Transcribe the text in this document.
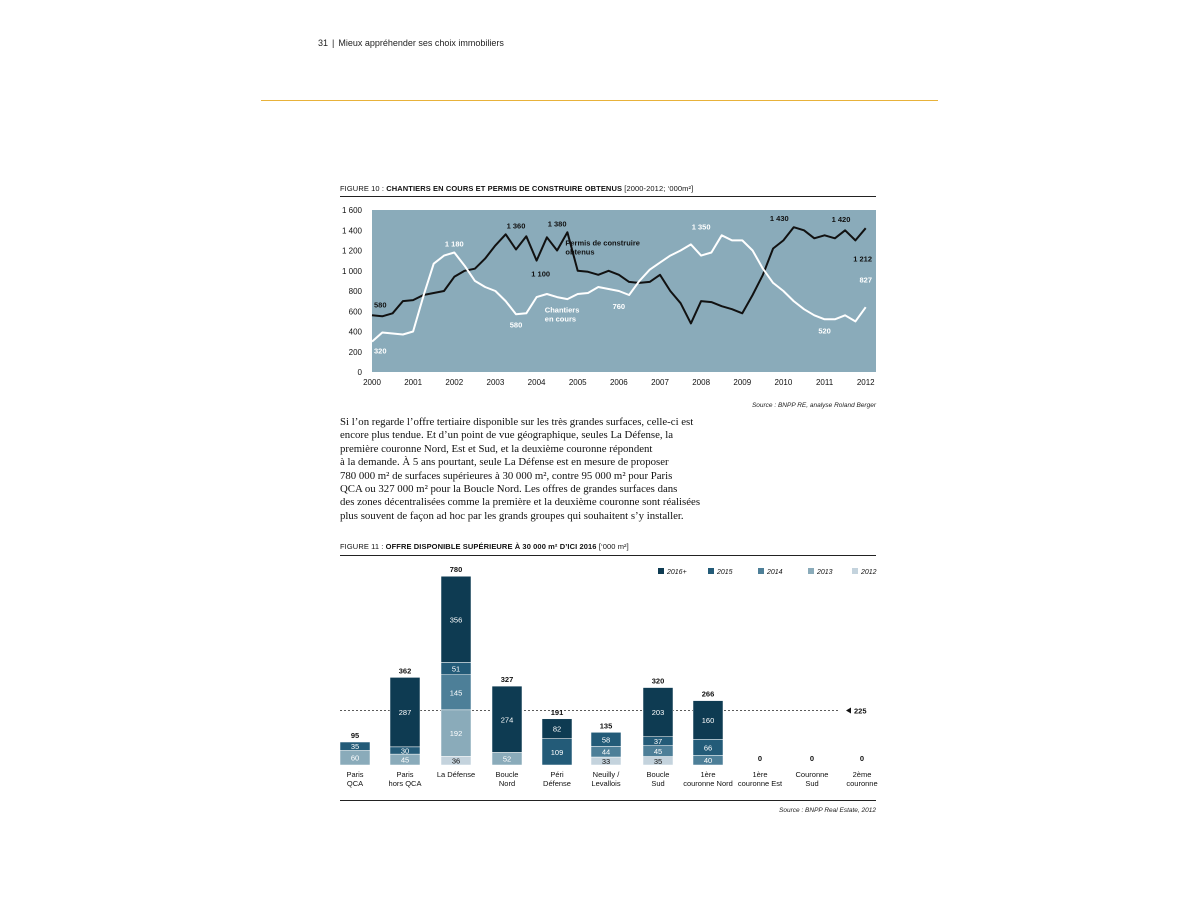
31 | Mieux appréhender ses choix immobiliers
FIGURE 10 : CHANTIERS EN COURS ET PERMIS DE CONSTRUIRE OBTENUS [2000-2012; ‘000m²]
0
200
400
600
800
1 000
1 200
1 400
1 600
2000	2001	2002	2003	2004	2005	2006	2007	2008	2009	2010	2011	2012
580
1 360	1 380
1 100
1 430	1 420
1 212
320
1 180
580
760
1 350
520
827
Permis de construire
obtenus
Chantiers
en cours
Source : BNPP RE, analyse Roland Berger

Si l’on regarde l’offre tertiaire disponible sur les très grandes surfaces, celle-ci est
encore plus tendue. Et d’un point de vue géographique, seules La Défense, la
première couronne Nord, Est et Sud, et la deuxième couronne répondent
à la demande. À 5 ans pourtant, seule La Défense est en mesure de proposer
780 000 m² de surfaces supérieures à 30 000 m², contre 95 000 m² pour Paris
QCA ou 327 000 m² pour la Boucle Nord. Les offres de grandes surfaces dans
des zones décentralisées comme la première et la deuxième couronne sont réalisées
plus souvent de façon ad hoc par les grands groupes qui souhaitent s’y installer.

FIGURE 11 : OFFRE DISPONIBLE SUPÉRIEURE À 30 000 m² D’ICI 2016 [‘000 m²]
225
60
35
95
Paris
QCA
45
30
287
362
Paris
hors QCA
36
192
145
51
356
780
La Défense
52
274
327
Boucle
Nord
109
82
191
Péri
Défense
33
44
58
135
Neuilly /
Levallois
35
45
37
203
320
Boucle
Sud
40
66
160
266
1ère
couronne Nord
0
1ère
couronne Est
0
Couronne
Sud
0
2ème
couronne
2016+	2015	2014	2013	2012
Source : BNPP Real Estate, 2012
